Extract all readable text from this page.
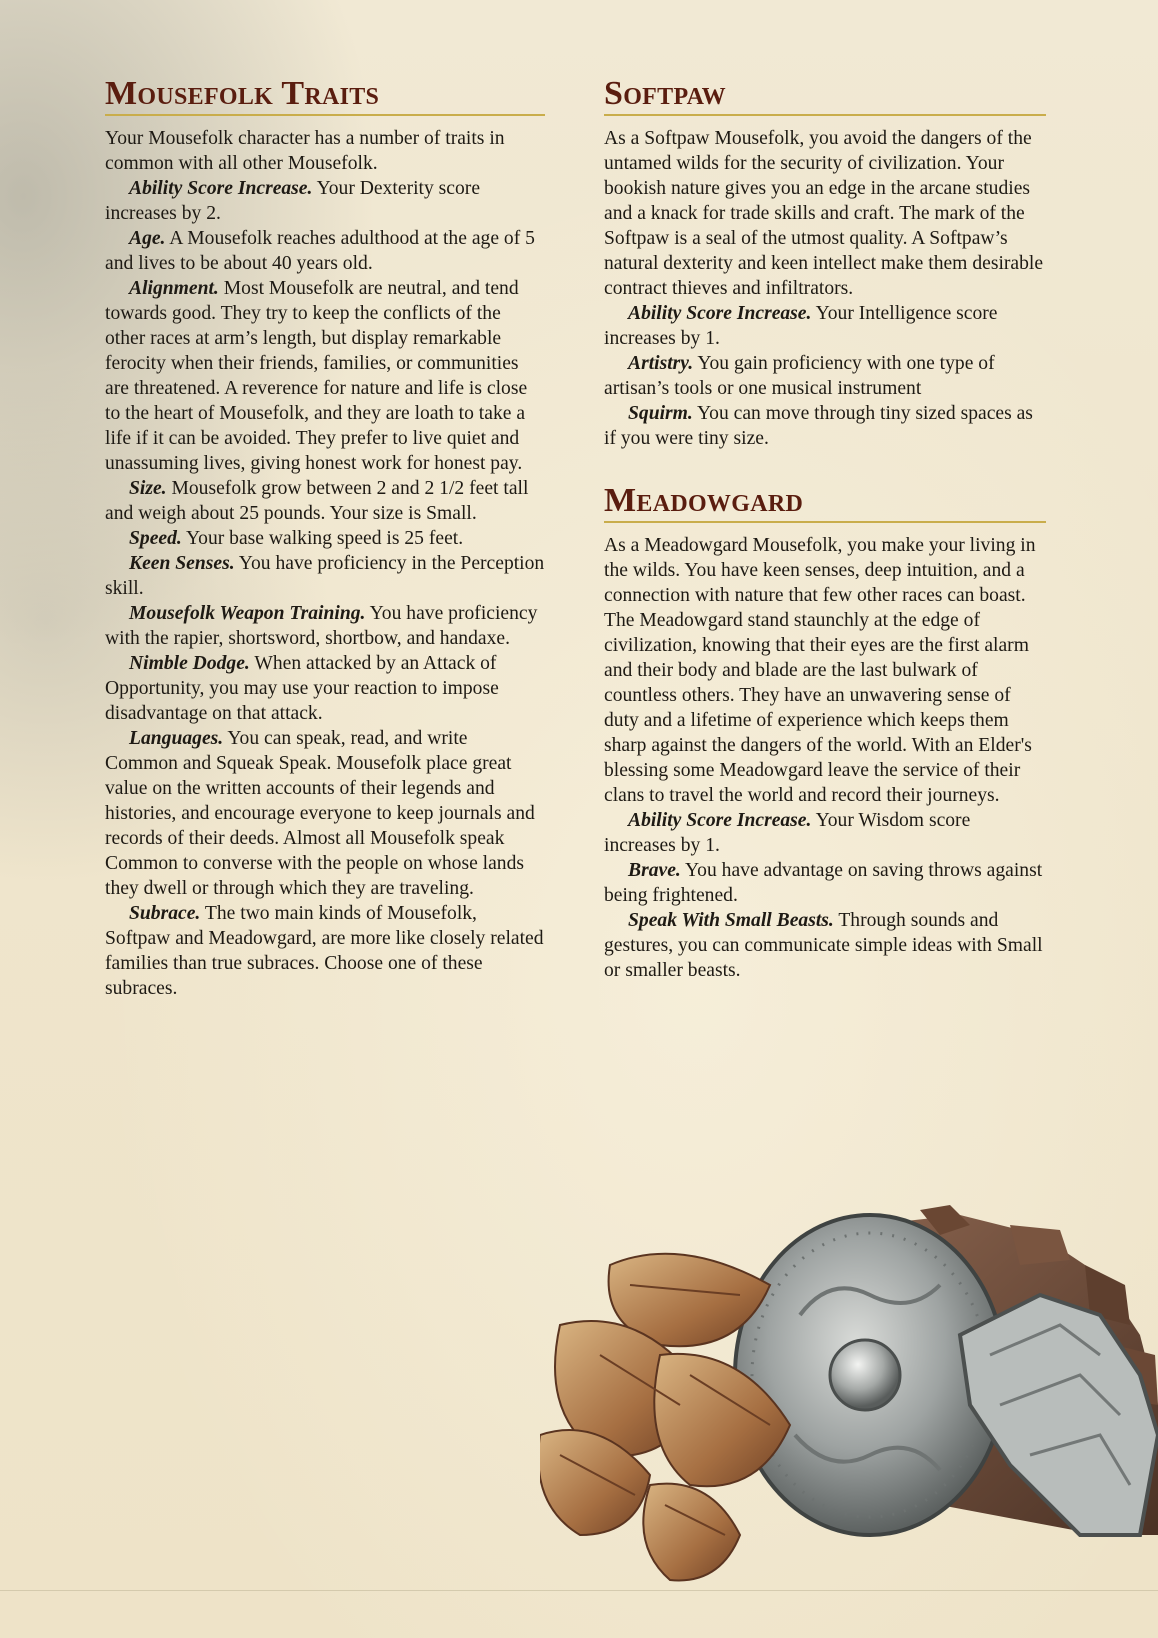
Mousefolk Traits

Your Mousefolk character has a number of traits in common with all other Mousefolk.

Ability Score Increase. Your Dexterity score increases by 2.

Age. A Mousefolk reaches adulthood at the age of 5 and lives to be about 40 years old.

Alignment. Most Mousefolk are neutral, and tend towards good. They try to keep the conflicts of the other races at arm’s length, but display remarkable ferocity when their friends, families, or communities are threatened. A reverence for nature and life is close to the heart of Mousefolk, and they are loath to take a life if it can be avoided. They prefer to live quiet and unassuming lives, giving honest work for honest pay.

Size. Mousefolk grow between 2 and 2 1/2 feet tall and weigh about 25 pounds. Your size is Small.

Speed. Your base walking speed is 25 feet.

Keen Senses. You have proficiency in the Perception skill.

Mousefolk Weapon Training. You have proficiency with the rapier, shortsword, shortbow, and handaxe.

Nimble Dodge. When attacked by an Attack of Opportunity, you may use your reaction to impose disadvantage on that attack.

Languages. You can speak, read, and write Common and Squeak Speak. Mousefolk place great value on the written accounts of their legends and histories, and encourage everyone to keep journals and records of their deeds. Almost all Mousefolk speak Common to converse with the people on whose lands they dwell or through which they are traveling.

Subrace. The two main kinds of Mousefolk, Softpaw and Meadowgard, are more like closely related families than true subraces. Choose one of these subraces.

Softpaw

As a Softpaw Mousefolk, you avoid the dangers of the untamed wilds for the security of civilization. Your bookish nature gives you an edge in the arcane studies and a knack for trade skills and craft. The mark of the Softpaw is a seal of the utmost quality. A Softpaw’s natural dexterity and keen intellect make them desirable contract thieves and infiltrators.

Ability Score Increase. Your Intelligence score increases by 1.

Artistry. You gain proficiency with one type of artisan’s tools or one musical instrument

Squirm. You can move through tiny sized spaces as if you were tiny size.

Meadowgard

As a Meadowgard Mousefolk, you make your living in the wilds. You have keen senses, deep intuition, and a connection with nature that few other races can boast. The Meadowgard stand staunchly at the edge of civilization, knowing that their eyes are the first alarm and their body and blade are the last bulwark of countless others. They have an unwavering sense of duty and a lifetime of experience which keeps them sharp against the dangers of the world. With an Elder's blessing some Meadowgard leave the service of their clans to travel the world and record their journeys.

Ability Score Increase. Your Wisdom score increases by 1.

Brave. You have advantage on saving throws against being frightened.

Speak With Small Beasts. Through sounds and gestures, you can communicate simple ideas with Small or smaller beasts.
